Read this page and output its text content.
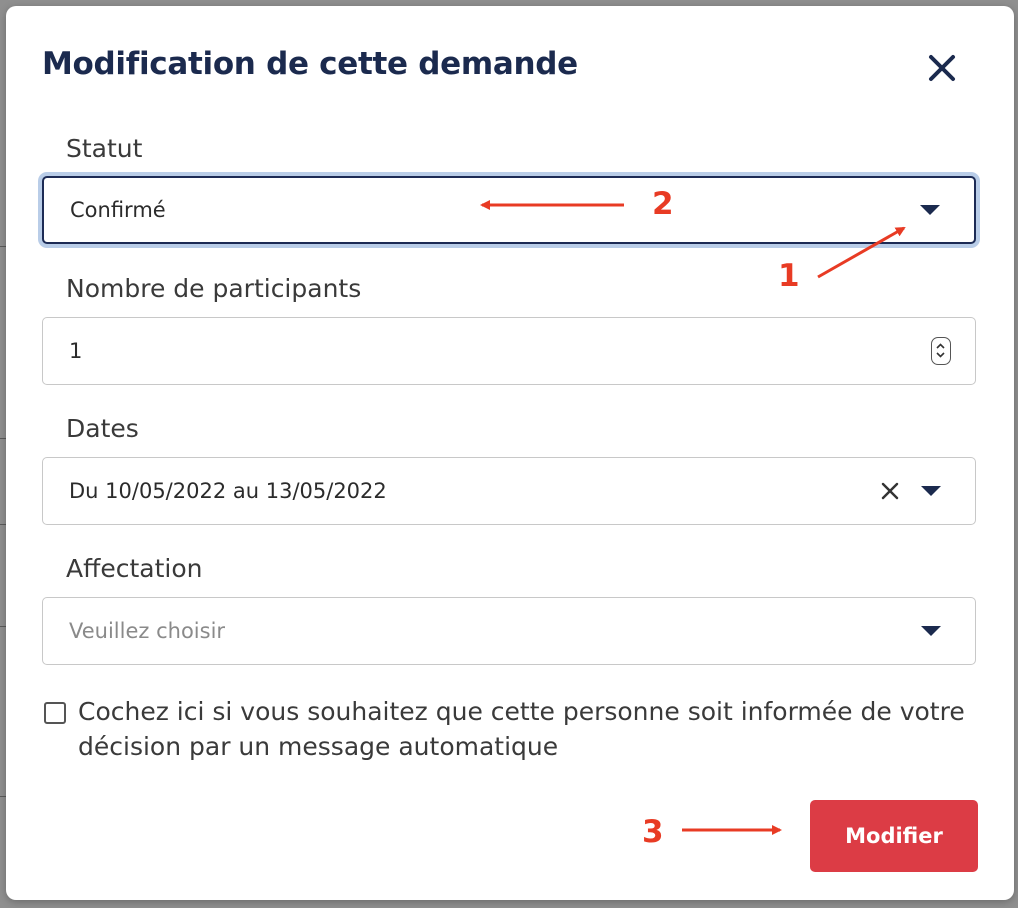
Modification de cette demande
Statut
Confirmé
Nombre de participants
1
Dates
Du 10/05/2022 au 13/05/2022
Affectation
Veuillez choisir
Cochez ici si vous souhaitez que cette personne soit informée de votre décision par un message automatique
Modifier
2
1
3
